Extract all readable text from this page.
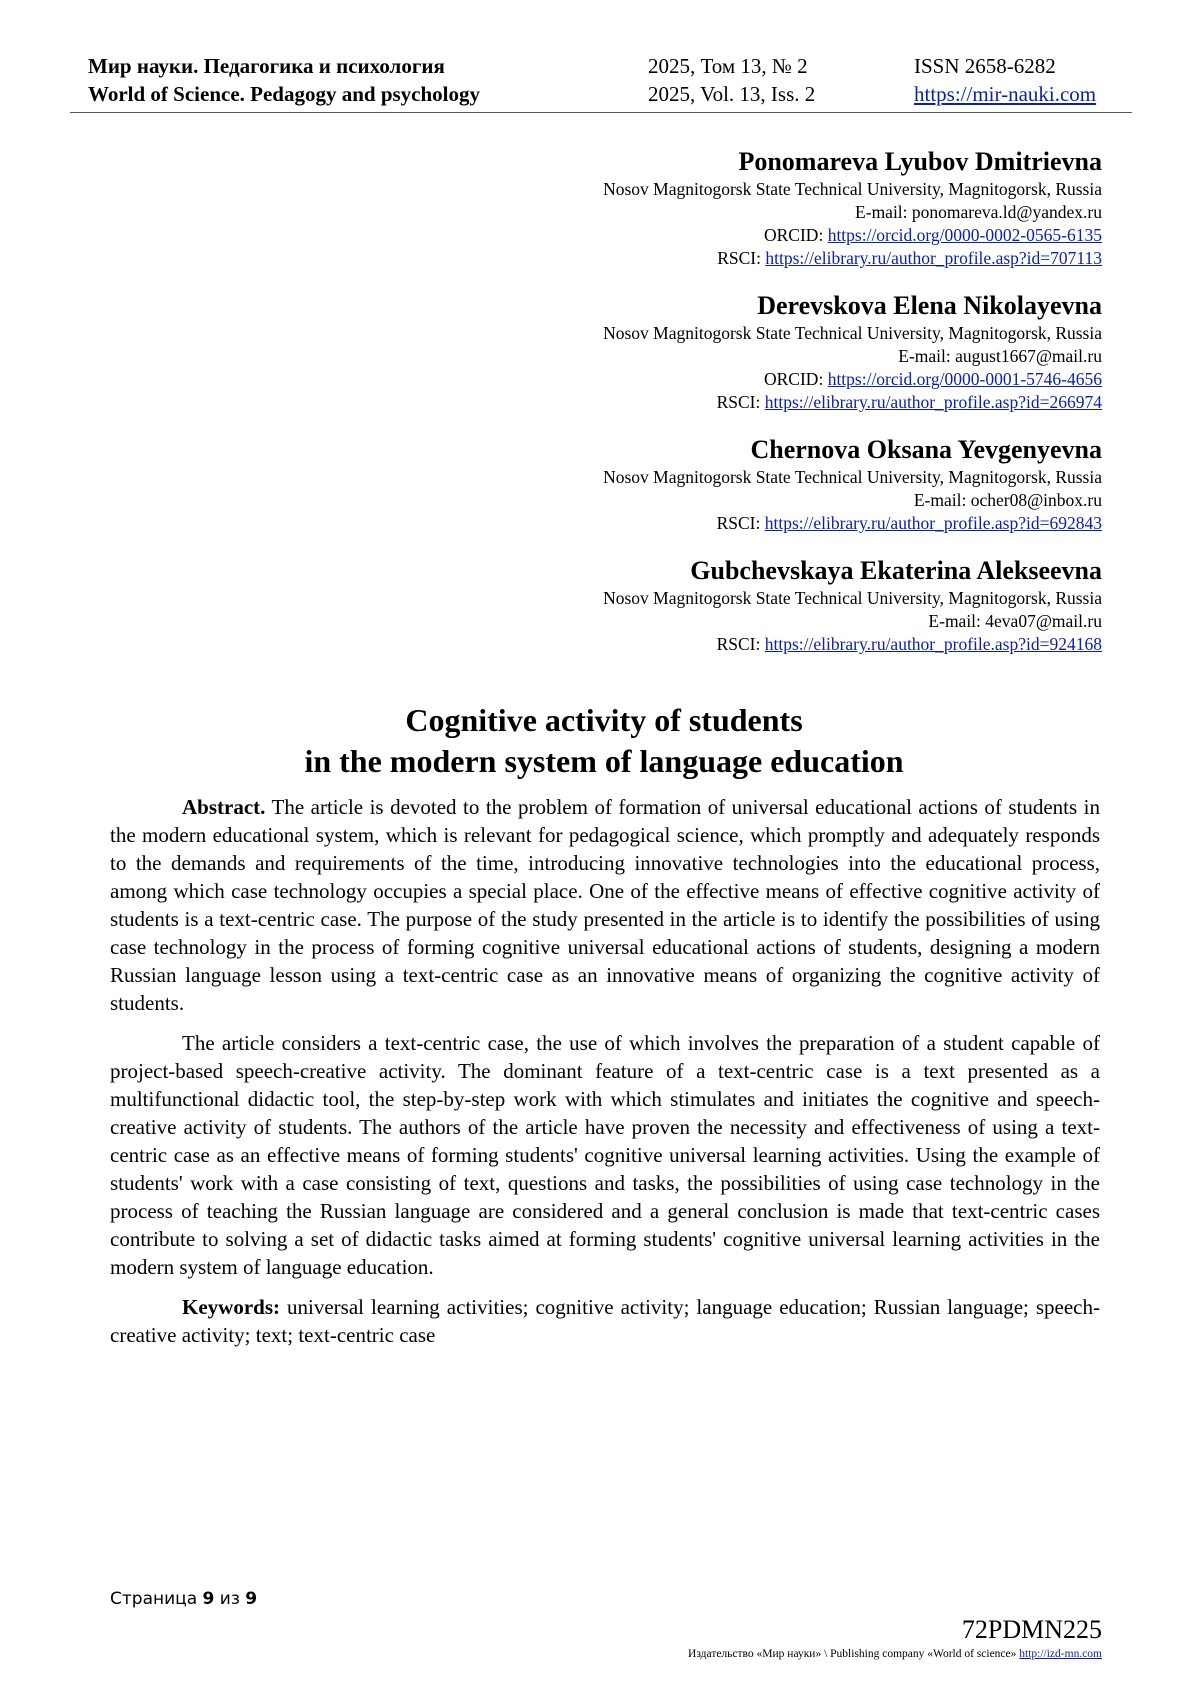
Мир науки. Педагогика и психология
World of Science. Pedagogy and psychology
2025, Том 13, № 2
2025, Vol. 13, Iss. 2
ISSN 2658-6282
https://mir-nauki.com
Ponomareva Lyubov Dmitrievna
Nosov Magnitogorsk State Technical University, Magnitogorsk, Russia
E-mail: ponomareva.ld@yandex.ru
ORCID: https://orcid.org/0000-0002-0565-6135
RSCI: https://elibrary.ru/author_profile.asp?id=707113
Derevskova Elena Nikolayevna
Nosov Magnitogorsk State Technical University, Magnitogorsk, Russia
E-mail: august1667@mail.ru
ORCID: https://orcid.org/0000-0001-5746-4656
RSCI: https://elibrary.ru/author_profile.asp?id=266974
Chernova Oksana Yevgenyevna
Nosov Magnitogorsk State Technical University, Magnitogorsk, Russia
E-mail: ocher08@inbox.ru
RSCI: https://elibrary.ru/author_profile.asp?id=692843
Gubchevskaya Ekaterina Alekseevna
Nosov Magnitogorsk State Technical University, Magnitogorsk, Russia
E-mail: 4eva07@mail.ru
RSCI: https://elibrary.ru/author_profile.asp?id=924168
Cognitive activity of students
in the modern system of language education

Abstract. The article is devoted to the problem of formation of universal educational actions of students in the modern educational system, which is relevant for pedagogical science, which promptly and adequately responds to the demands and requirements of the time, introducing innovative technologies into the educational process, among which case technology occupies a special place. One of the effective means of effective cognitive activity of students is a text-centric case. The purpose of the study presented in the article is to identify the possibilities of using case technology in the process of forming cognitive universal educational actions of students, designing a modern Russian language lesson using a text-centric case as an innovative means of organizing the cognitive activity of students.

The article considers a text-centric case, the use of which involves the preparation of a student capable of project-based speech-creative activity. The dominant feature of a text-centric case is a text presented as a multifunctional didactic tool, the step-by-step work with which stimulates and initiates the cognitive and speech-creative activity of students. The authors of the article have proven the necessity and effectiveness of using a text-centric case as an effective means of forming students' cognitive universal learning activities. Using the example of students' work with a case consisting of text, questions and tasks, the possibilities of using case technology in the process of teaching the Russian language are considered and a general conclusion is made that text-centric cases contribute to solving a set of didactic tasks aimed at forming students' cognitive universal learning activities in the modern system of language education.

Keywords: universal learning activities; cognitive activity; language education; Russian language; speech-creative activity; text; text-centric case

Страница 9 из 9
72PDMN225
Издательство «Мир науки» \ Publishing company «World of science» http://izd-mn.com
